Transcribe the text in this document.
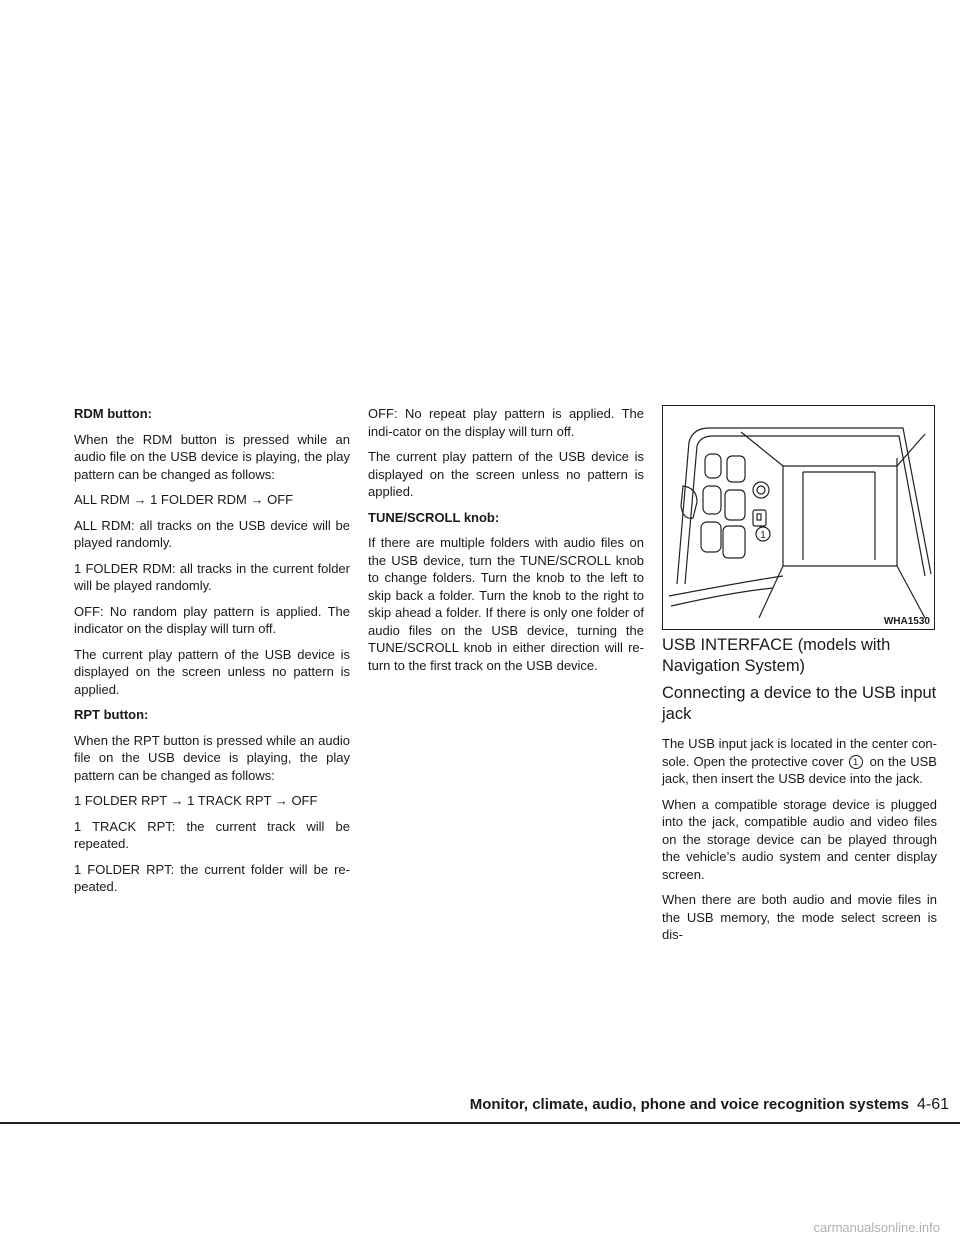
RDM button:

When the RDM button is pressed while an audio file on the USB device is playing, the play pattern can be changed as follows:

ALL RDM → 1 FOLDER RDM → OFF

ALL RDM: all tracks on the USB device will be played randomly.

1 FOLDER RDM: all tracks in the current folder will be played randomly.

OFF: No random play pattern is applied. The indicator on the display will turn off.

The current play pattern of the USB device is displayed on the screen unless no pattern is applied.

RPT button:

When the RPT button is pressed while an audio file on the USB device is playing, the play pattern can be changed as follows:

1 FOLDER RPT → 1 TRACK RPT → OFF

1 TRACK RPT: the current track will be repeated.

1 FOLDER RPT: the current folder will be re-peated.

OFF: No repeat play pattern is applied. The indi-cator on the display will turn off.

The current play pattern of the USB device is displayed on the screen unless no pattern is applied.

TUNE/SCROLL knob:

If there are multiple folders with audio files on the USB device, turn the TUNE/SCROLL knob to change folders. Turn the knob to the left to skip back a folder. Turn the knob to the right to skip ahead a folder. If there is only one folder of audio files on the USB device, turning the TUNE/SCROLL knob in either direction will re-turn to the first track on the USB device.

1
WHA1530
USB INTERFACE (models with Navigation System)
Connecting a device to the USB input jack

The USB input jack is located in the center con-sole. Open the protective cover 1 on the USB jack, then insert the USB device into the jack.

When a compatible storage device is plugged into the jack, compatible audio and video files on the storage device can be played through the vehicle’s audio system and center display screen.

When there are both audio and movie files in the USB memory, the mode select screen is dis-

Monitor, climate, audio, phone and voice recognition systems 4-61
carmanualsonline.info
